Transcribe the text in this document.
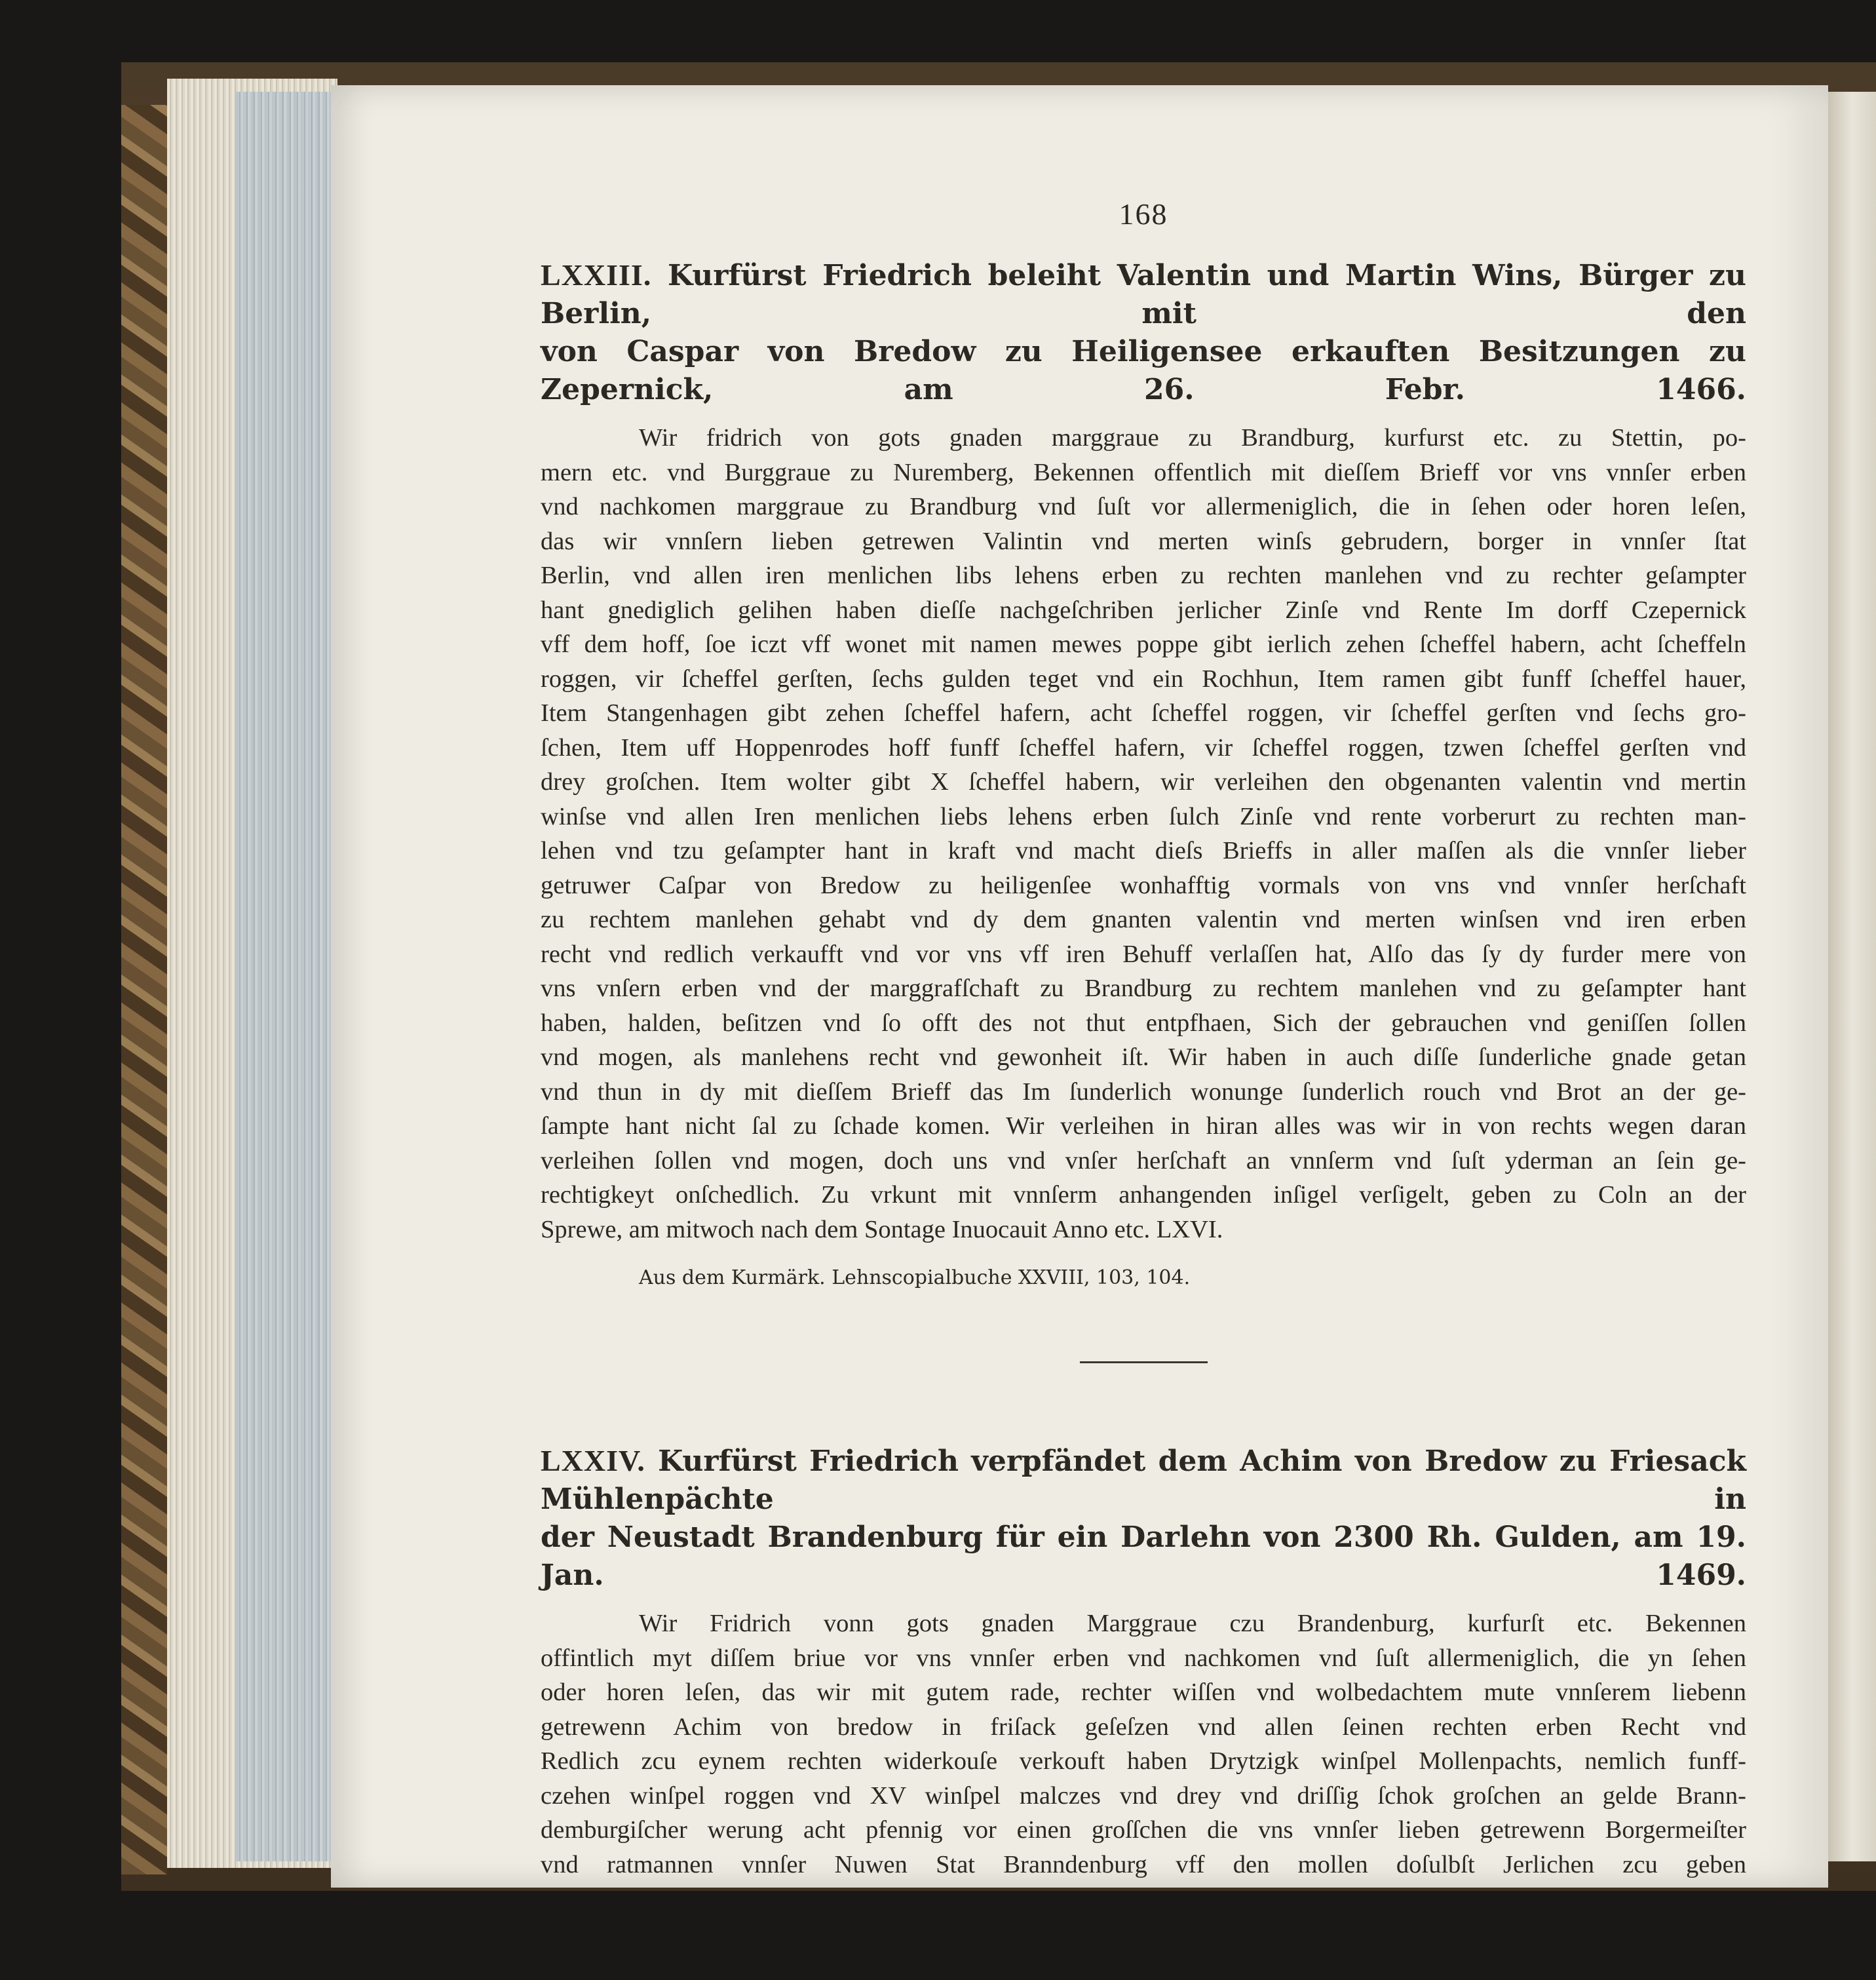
168
LXXIII. Kurfürst Friedrich beleiht Valentin und Martin Wins, Bürger zu Berlin, mit den
von Caspar von Bredow zu Heiligensee erkauften Besitzungen zu Zepernick, am 26. Febr. 1466.
Wir fridrich von gots gnaden marggraue zu Brandburg, kurfurst etc. zu Stettin, po-
mern etc. vnd Burggraue zu Nuremberg, Bekennen offentlich mit dieſſem Brieff vor vns vnnſer erben
vnd nachkomen marggraue zu Brandburg vnd ſuſt vor allermeniglich, die in ſehen oder horen leſen,
das wir vnnſern lieben getrewen Valintin vnd merten winſs gebrudern, borger in vnnſer ſtat
Berlin, vnd allen iren menlichen libs lehens erben zu rechten manlehen vnd zu rechter geſampter
hant gnediglich gelihen haben dieſſe nachgeſchriben jerlicher Zinſe vnd Rente Im dorff Czepernick
vff dem hoff, ſoe iczt vff wonet mit namen mewes poppe gibt ierlich zehen ſcheffel habern, acht ſcheffeln
roggen, vir ſcheffel gerſten, ſechs gulden teget vnd ein Rochhun, Item ramen gibt funff ſcheffel hauer,
Item Stangenhagen gibt zehen ſcheffel hafern, acht ſcheffel roggen, vir ſcheffel gerſten vnd ſechs gro-
ſchen, Item uff Hoppenrodes hoff funff ſcheffel hafern, vir ſcheffel roggen, tzwen ſcheffel gerſten vnd
drey groſchen. Item wolter gibt X ſcheffel habern, wir verleihen den obgenanten valentin vnd mertin
winſse vnd allen Iren menlichen liebs lehens erben ſulch Zinſe vnd rente vorberurt zu rechten man-
lehen vnd tzu geſampter hant in kraft vnd macht dieſs Brieffs in aller maſſen als die vnnſer lieber
getruwer Caſpar von Bredow zu heiligenſee wonhafftig vormals von vns vnd vnnſer herſchaft
zu rechtem manlehen gehabt vnd dy dem gnanten valentin vnd merten winſsen vnd iren erben
recht vnd redlich verkaufft vnd vor vns vff iren Behuff verlaſſen hat, Alſo das ſy dy furder mere von
vns vnſern erben vnd der marggrafſchaft zu Brandburg zu rechtem manlehen vnd zu geſampter hant
haben, halden, beſitzen vnd ſo offt des not thut entpfhaen, Sich der gebrauchen vnd geniſſen ſollen
vnd mogen, als manlehens recht vnd gewonheit iſt. Wir haben in auch diſſe ſunderliche gnade getan
vnd thun in dy mit dieſſem Brieff das Im ſunderlich wonunge ſunderlich rouch vnd Brot an der ge-
ſampte hant nicht ſal zu ſchade komen. Wir verleihen in hiran alles was wir in von rechts wegen daran
verleihen ſollen vnd mogen, doch uns vnd vnſer herſchaft an vnnſerm vnd ſuſt yderman an ſein ge-
rechtigkeyt onſchedlich. Zu vrkunt mit vnnſerm anhangenden inſigel verſigelt, geben zu Coln an der
Sprewe, am mitwoch nach dem Sontage Inuocauit Anno etc. LXVI.
Aus dem Kurmärk. Lehnscopialbuche XXVIII, 103, 104.
LXXIV. Kurfürst Friedrich verpfändet dem Achim von Bredow zu Friesack Mühlenpächte in
der Neustadt Brandenburg für ein Darlehn von 2300 Rh. Gulden, am 19. Jan. 1469.
Wir Fridrich vonn gots gnaden Marggraue czu Brandenburg, kurfurſt etc. Bekennen
offintlich myt diſſem briue vor vns vnnſer erben vnd nachkomen vnd ſuſt allermeniglich, die yn ſehen
oder horen leſen, das wir mit gutem rade, rechter wiſſen vnd wolbedachtem mute vnnſerem liebenn
getrewenn Achim von bredow in friſack geſeſzen vnd allen ſeinen rechten erben Recht vnd
Redlich zcu eynem rechten widerkouſe verkouft haben Drytzigk winſpel Mollenpachts, nemlich funff-
czehen winſpel roggen vnd XV winſpel malczes vnd drey vnd driſſig ſchok groſchen an gelde Brann-
demburgiſcher werung acht pfennig vor einen groſſchen die vns vnnſer lieben getrewenn Borgermeiſter
vnd ratmannen vnnſer Nuwen Stat Branndenburg vff den mollen doſulbſt Jerlichen zcu geben
